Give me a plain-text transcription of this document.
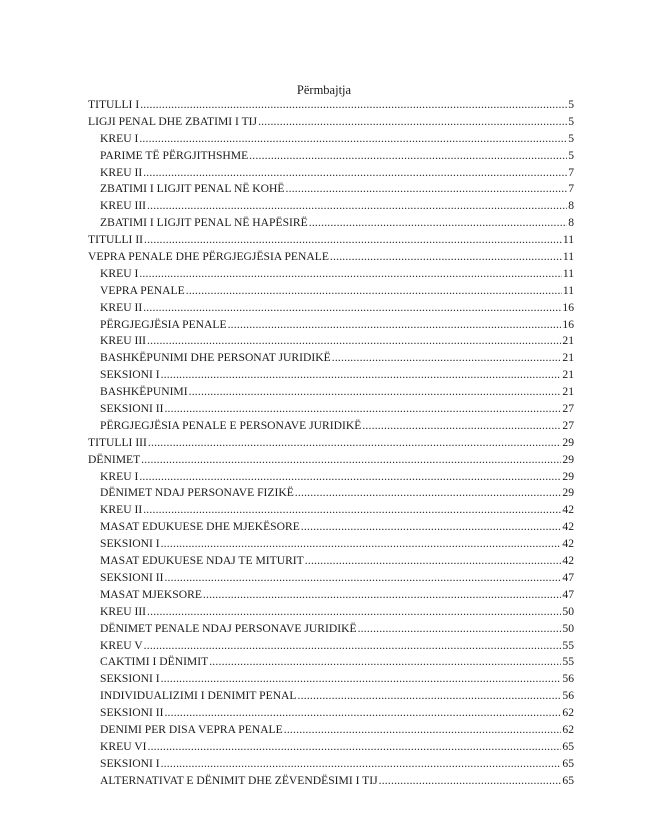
Përmbajtja
TITULLI I .....	5
LIGJI PENAL DHE ZBATIMI I TIJ .....	5
KREU I .....	5
PARIME TË PËRGJITHSHME .....	5
KREU II .....	7
ZBATIMI I LIGJIT PENAL NË KOHË .....	7
KREU III .....	8
ZBATIMI I LIGJIT PENAL NË HAPËSIRË .....	8
TITULLI II .....	11
VEPRA PENALE DHE PËRGJEGJËSIA PENALE .....	11
KREU I .....	11
VEPRA PENALE .....	11
KREU II .....	16
PËRGJEGJËSIA PENALE .....	16
KREU III .....	21
BASHKËPUNIMI DHE PERSONAT JURIDIKË .....	21
SEKSIONI I .....	21
BASHKËPUNIMI .....	21
SEKSIONI II .....	27
PËRGJEGJËSIA PENALE E PERSONAVE JURIDIKË .....	27
TITULLI III .....	29
DËNIMET .....	29
KREU I .....	29
DËNIMET NDAJ PERSONAVE FIZIKË .....	29
KREU II .....	42
MASAT EDUKUESE DHE MJEKËSORE .....	42
SEKSIONI I .....	42
MASAT EDUKUESE NDAJ TE MITURIT .....	42
SEKSIONI II .....	47
MASAT MJEKSORE .....	47
KREU III .....	50
DËNIMET PENALE NDAJ PERSONAVE JURIDIKË .....	50
KREU V .....	55
CAKTIMI I DËNIMIT .....	55
SEKSIONI I .....	56
INDIVIDUALIZIMI I DENIMIT PENAL .....	56
SEKSIONI II .....	62
DENIMI PER DISA VEPRA PENALE .....	62
KREU VI .....	65
SEKSIONI I .....	65
ALTERNATIVAT E DËNIMIT DHE ZËVENDËSIMI I TIJ .....	65
